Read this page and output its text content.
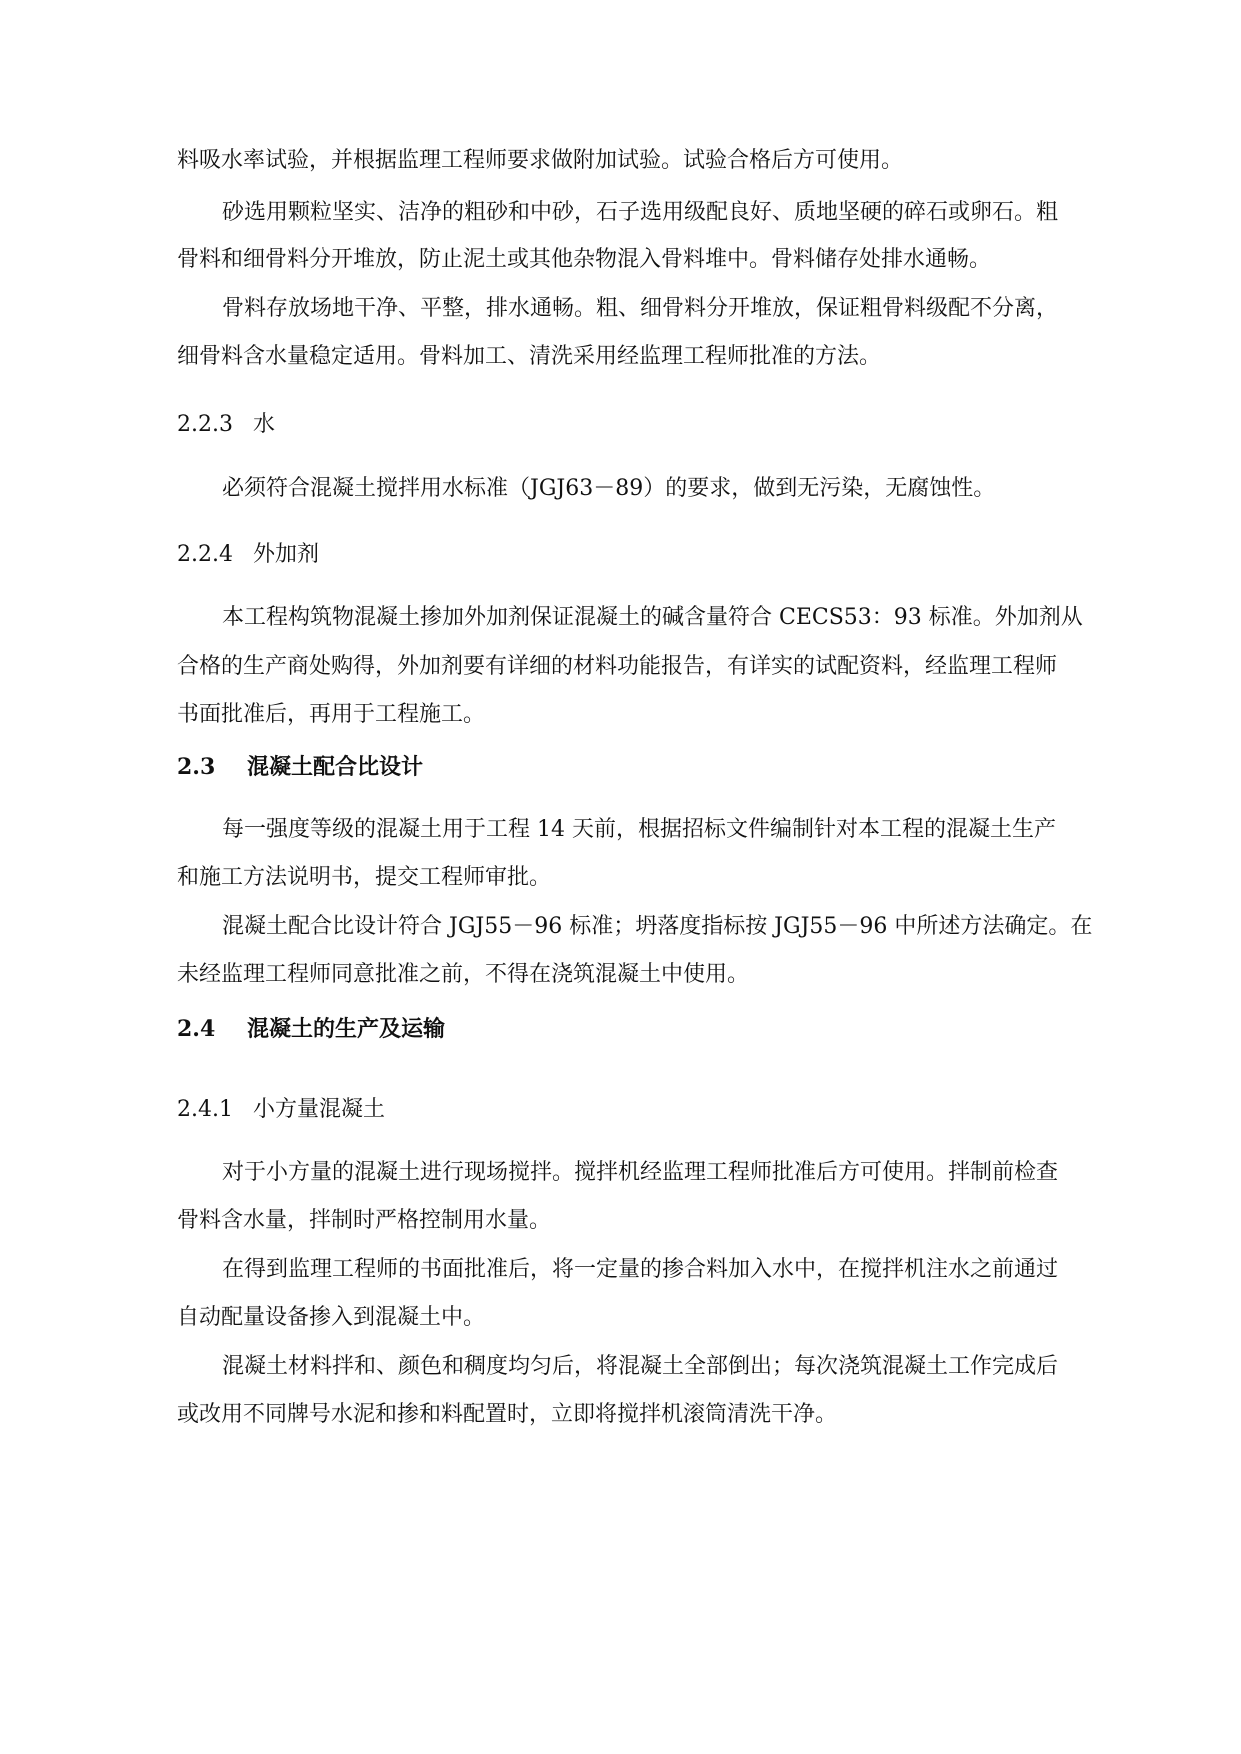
料吸水率试验，并根据监理工程师要求做附加试验。试验合格后方可使用。
砂选用颗粒坚实、洁净的粗砂和中砂，石子选用级配良好、质地坚硬的碎石或卵石。粗
骨料和细骨料分开堆放，防止泥土或其他杂物混入骨料堆中。骨料储存处排水通畅。
骨料存放场地干净、平整，排水通畅。粗、细骨料分开堆放，保证粗骨料级配不分离，
细骨料含水量稳定适用。骨料加工、清洗采用经监理工程师批准的方法。
2.2.3 水
必须符合混凝土搅拌用水标准（JGJ63－89）的要求，做到无污染，无腐蚀性。
2.2.4 外加剂
本工程构筑物混凝土掺加外加剂保证混凝土的碱含量符合 CECS53：93 标准。外加剂从
合格的生产商处购得，外加剂要有详细的材料功能报告，有详实的试配资料，经监理工程师
书面批准后，再用于工程施工。
2.3 混凝土配合比设计
每一强度等级的混凝土用于工程 14 天前，根据招标文件编制针对本工程的混凝土生产
和施工方法说明书，提交工程师审批。
混凝土配合比设计符合 JGJ55－96 标准；坍落度指标按 JGJ55－96 中所述方法确定。在
未经监理工程师同意批准之前，不得在浇筑混凝土中使用。
2.4 混凝土的生产及运输
2.4.1 小方量混凝土
对于小方量的混凝土进行现场搅拌。搅拌机经监理工程师批准后方可使用。拌制前检查
骨料含水量，拌制时严格控制用水量。
在得到监理工程师的书面批准后，将一定量的掺合料加入水中，在搅拌机注水之前通过
自动配量设备掺入到混凝土中。
混凝土材料拌和、颜色和稠度均匀后，将混凝土全部倒出；每次浇筑混凝土工作完成后
或改用不同牌号水泥和掺和料配置时，立即将搅拌机滚筒清洗干净。
